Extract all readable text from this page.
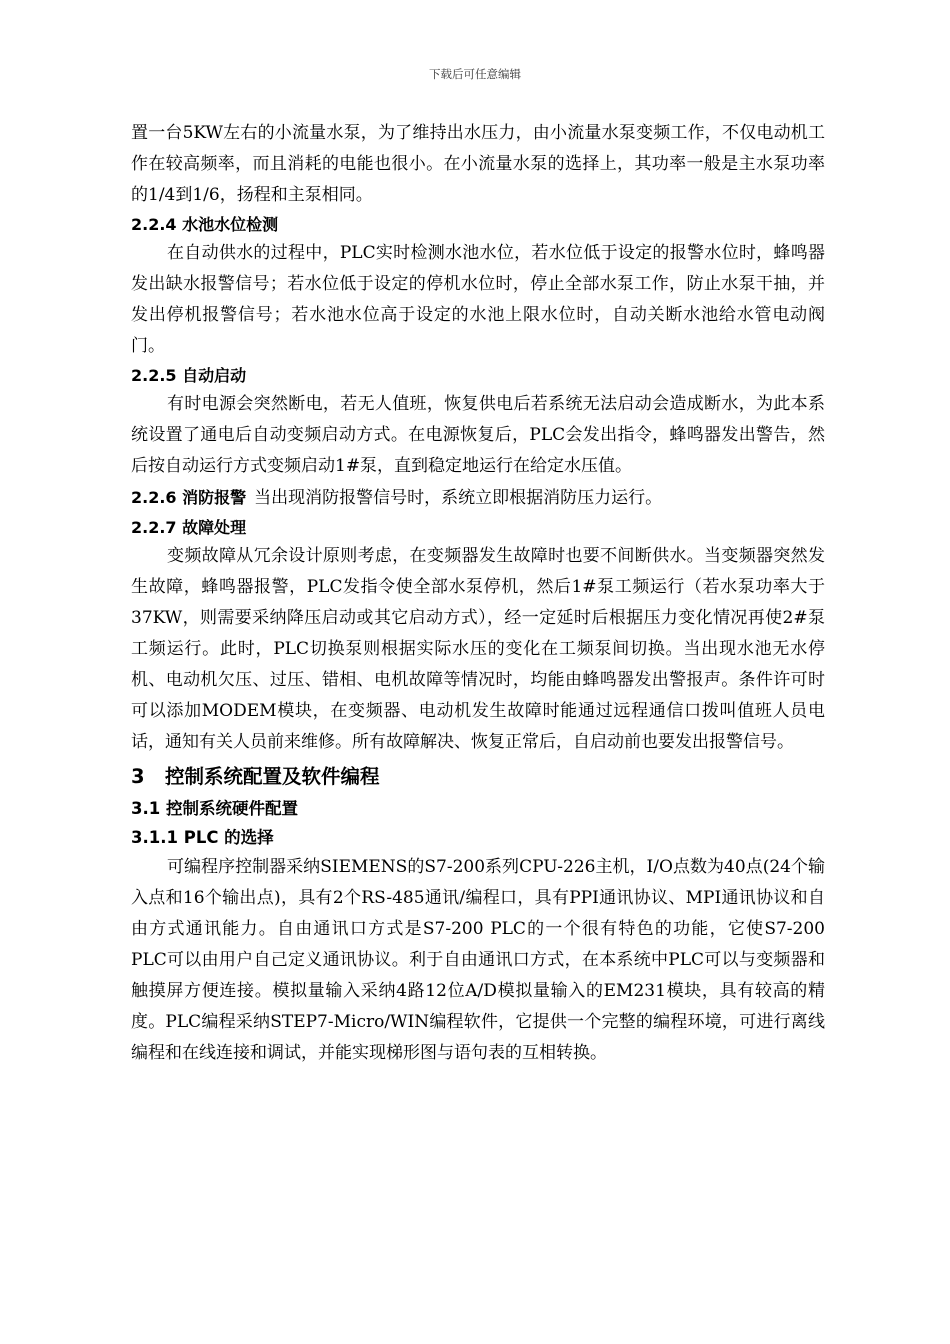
下载后可任意编辑

置一台5KW左右的小流量水泵，为了维持出水压力，由小流量水泵变频工作，不仅电动机工作在较高频率，而且消耗的电能也很小。在小流量水泵的选择上，其功率一般是主水泵功率的1/4到1/6，扬程和主泵相同。

2.2.4 水池水位检测

在自动供水的过程中，PLC实时检测水池水位，若水位低于设定的报警水位时，蜂鸣器发出缺水报警信号；若水位低于设定的停机水位时，停止全部水泵工作，防止水泵干抽，并发出停机报警信号；若水池水位高于设定的水池上限水位时，自动关断水池给水管电动阀门。

2.2.5 自动启动

有时电源会突然断电，若无人值班，恢复供电后若系统无法启动会造成断水，为此本系统设置了通电后自动变频启动方式。在电源恢复后，PLC会发出指令，蜂鸣器发出警告，然后按自动运行方式变频启动1#泵，直到稳定地运行在给定水压值。

2.2.6 消防报警 当出现消防报警信号时，系统立即根据消防压力运行。

2.2.7 故障处理

变频故障从冗余设计原则考虑，在变频器发生故障时也要不间断供水。当变频器突然发生故障，蜂鸣器报警，PLC发指令使全部水泵停机，然后1#泵工频运行（若水泵功率大于37KW，则需要采纳降压启动或其它启动方式），经一定延时后根据压力变化情况再使2#泵工频运行。此时，PLC切换泵则根据实际水压的变化在工频泵间切换。当出现水池无水停机、电动机欠压、过压、错相、电机故障等情况时，均能由蜂鸣器发出警报声。条件许可时可以添加MODEM模块，在变频器、电动机发生故障时能通过远程通信口拨叫值班人员电话，通知有关人员前来维修。所有故障解决、恢复正常后，自启动前也要发出报警信号。

3 控制系统配置及软件编程

3.1 控制系统硬件配置

3.1.1 PLC 的选择

可编程序控制器采纳SIEMENS的S7-200系列CPU-226主机，I/O点数为40点(24个输入点和16个输出点)，具有2个RS-485通讯/编程口，具有PPI通讯协议、MPI通讯协议和自由方式通讯能力。自由通讯口方式是S7-200 PLC的一个很有特色的功能，它使S7-200 PLC可以由用户自己定义通讯协议。利于自由通讯口方式，在本系统中PLC可以与变频器和触摸屏方便连接。模拟量输入采纳4路12位A/D模拟量输入的EM231模块，具有较高的精度。PLC编程采纳STEP7-Micro/WIN编程软件，它提供一个完整的编程环境，可进行离线编程和在线连接和调试，并能实现梯形图与语句表的互相转换。
